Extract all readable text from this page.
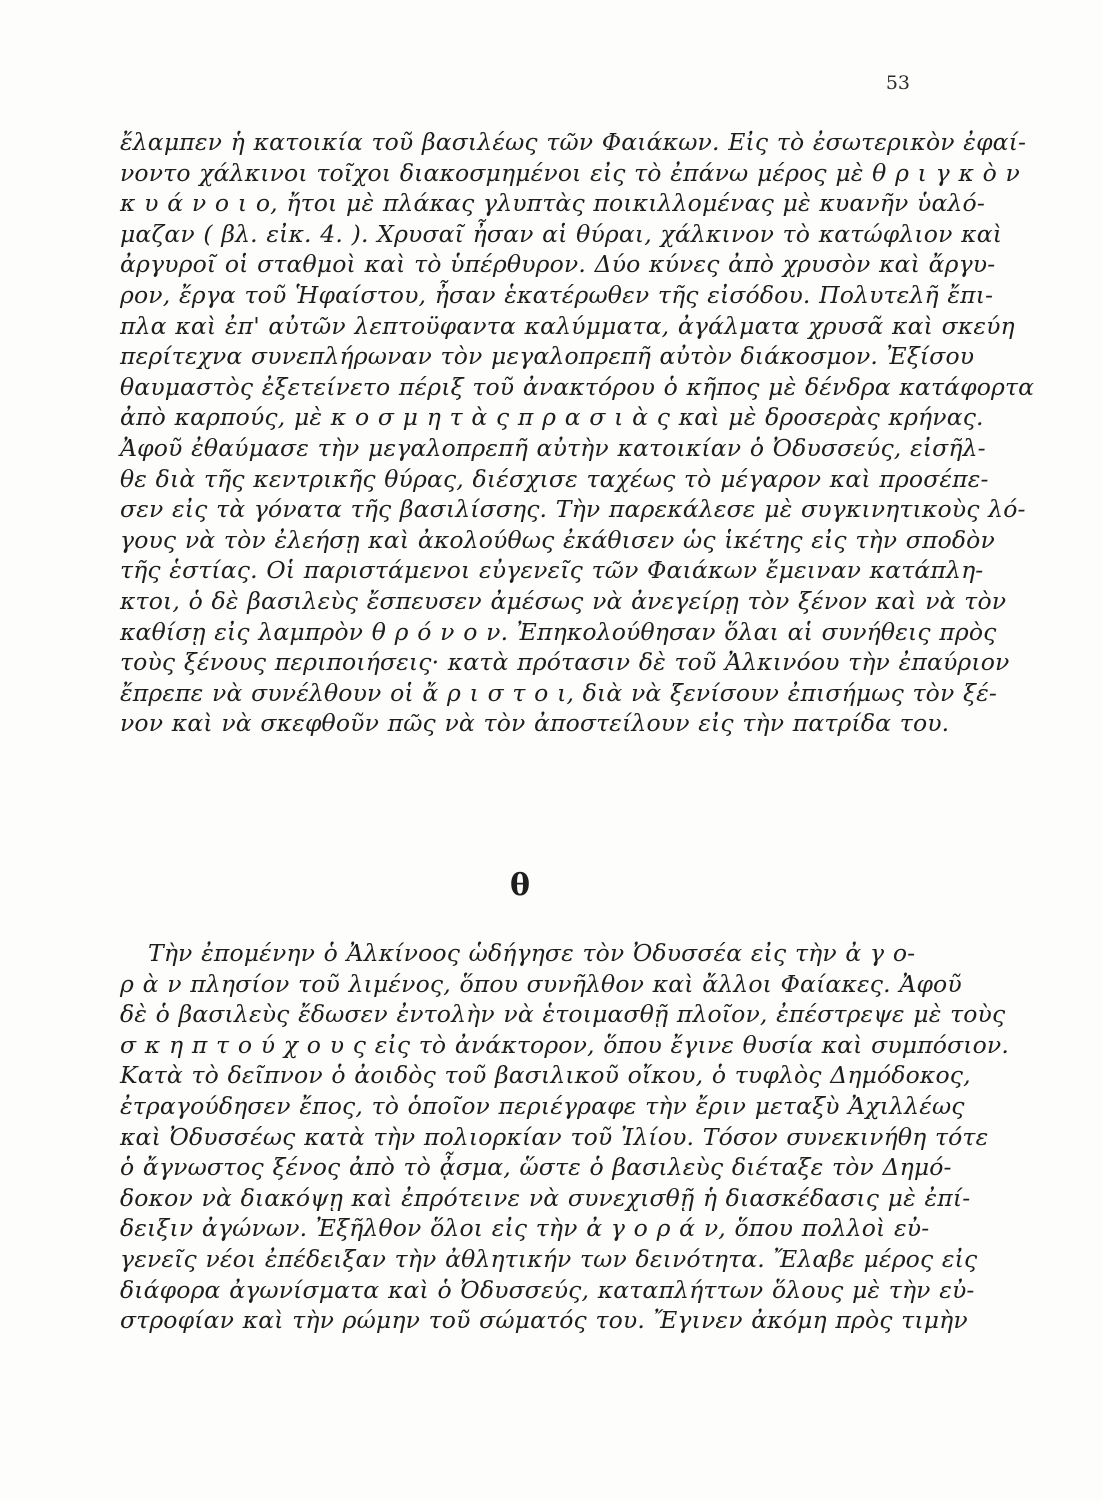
53
ἔλαμπεν ἡ κατοικία τοῦ βασιλέως τῶν Φαιάκων. Εἰς τὸ ἐσωτερικὸν ἐφαί-
νοντο χάλκινοι τοῖχοι διακοσμημένοι εἰς τὸ ἐπάνω μέρος μὲ θ ρ ι γ κ ὸ ν
κ υ ά ν ο ι ο, ἤτοι μὲ πλάκας γλυπτὰς ποικιλλομένας μὲ κυανῆν ὑαλό-
μαζαν ( βλ. εἰκ. 4. ). Χρυσαῖ ἦσαν αἱ θύραι, χάλκινον τὸ κατώφλιον καὶ
ἀργυροῖ οἱ σταθμοὶ καὶ τὸ ὑπέρθυρον. Δύο κύνες ἀπὸ χρυσὸν καὶ ἄργυ-
ρον, ἔργα τοῦ Ἡφαίστου, ἦσαν ἑκατέρωθεν τῆς εἰσόδου. Πολυτελῆ ἔπι-
πλα καὶ ἐπ' αὐτῶν λεπτοϋφαντα καλύμματα, ἀγάλματα χρυσᾶ καὶ σκεύη
περίτεχνα συνεπλήρωναν τὸν μεγαλοπρεπῆ αὐτὸν διάκοσμον. Ἐξίσου
θαυμαστὸς ἐξετείνετο πέριξ τοῦ ἀνακτόρου ὁ κῆπος μὲ δένδρα κατάφορτα
ἀπὸ καρπούς, μὲ κ ο σ μ η τ ὰ ς π ρ α σ ι ὰ ς καὶ μὲ δροσερὰς κρήνας.
Ἀφοῦ ἐθαύμασε τὴν μεγαλοπρεπῆ αὐτὴν κατοικίαν ὁ Ὀδυσσεύς, εἰσῆλ-
θε διὰ τῆς κεντρικῆς θύρας, διέσχισε ταχέως τὸ μέγαρον καὶ προσέπε-
σεν εἰς τὰ γόνατα τῆς βασιλίσσης. Τὴν παρεκάλεσε μὲ συγκινητικοὺς λό-
γους νὰ τὸν ἐλεήσῃ καὶ ἀκολούθως ἐκάθισεν ὡς ἱκέτης εἰς τὴν σποδὸν
τῆς ἑστίας. Οἱ παριστάμενοι εὐγενεῖς τῶν Φαιάκων ἔμειναν κατάπλη-
κτοι, ὁ δὲ βασιλεὺς ἔσπευσεν ἀμέσως νὰ ἀνεγείρῃ τὸν ξένον καὶ νὰ τὸν
καθίσῃ εἰς λαμπρὸν θ ρ ό ν ο ν. Ἐπηκολούθησαν ὅλαι αἱ συνήθεις πρὸς
τοὺς ξένους περιποιήσεις· κατὰ πρότασιν δὲ τοῦ Ἀλκινόου τὴν ἐπαύριον
ἔπρεπε νὰ συνέλθουν οἱ ἄ ρ ι σ τ ο ι, διὰ νὰ ξενίσουν ἐπισήμως τὸν ξέ-
νον καὶ νὰ σκεφθοῦν πῶς νὰ τὸν ἀποστείλουν εἰς τὴν πατρίδα του.
θ
Τὴν ἐπομένην ὁ Ἀλκίνοος ὡδήγησε τὸν Ὀδυσσέα εἰς τὴν ἀ γ ο-
ρ ὰ ν πλησίον τοῦ λιμένος, ὅπου συνῆλθον καὶ ἄλλοι Φαίακες. Ἀφοῦ
δὲ ὁ βασιλεὺς ἔδωσεν ἐντολὴν νὰ ἑτοιμασθῇ πλοῖον, ἐπέστρεψε μὲ τοὺς
σ κ η π τ ο ύ χ ο υ ς εἰς τὸ ἀνάκτορον, ὅπου ἔγινε θυσία καὶ συμπόσιον.
Κατὰ τὸ δεῖπνον ὁ ἀοιδὸς τοῦ βασιλικοῦ οἴκου, ὁ τυφλὸς Δημόδοκος,
ἐτραγούδησεν ἔπος, τὸ ὁποῖον περιέγραφε τὴν ἔριν μεταξὺ Ἀχιλλέως
καὶ Ὀδυσσέως κατὰ τὴν πολιορκίαν τοῦ Ἰλίου. Τόσον συνεκινήθη τότε
ὁ ἄγνωστος ξένος ἀπὸ τὸ ᾆσμα, ὥστε ὁ βασιλεὺς διέταξε τὸν Δημό-
δοκον νὰ διακόψῃ καὶ ἐπρότεινε νὰ συνεχισθῇ ἡ διασκέδασις μὲ ἐπί-
δειξιν ἀγώνων. Ἐξῆλθον ὅλοι εἰς τὴν ἀ γ ο ρ ά ν, ὅπου πολλοὶ εὐ-
γενεῖς νέοι ἐπέδειξαν τὴν ἀθλητικήν των δεινότητα. Ἔλαβε μέρος εἰς
διάφορα ἀγωνίσματα καὶ ὁ Ὀδυσσεύς, καταπλήττων ὅλους μὲ τὴν εὐ-
στροφίαν καὶ τὴν ρώμην τοῦ σώματός του. Ἔγινεν ἀκόμη πρὸς τιμὴν
